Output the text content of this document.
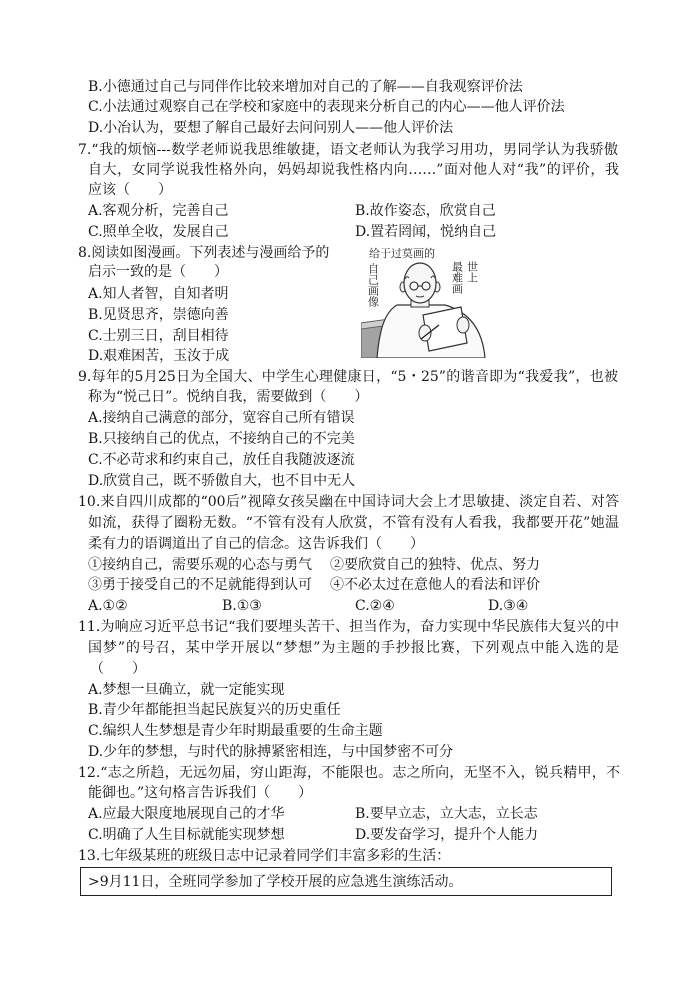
B.小德通过自己与同伴作比较来增加对自己的了解——自我观察评价法
C.小法通过观察自己在学校和家庭中的表现来分析自己的内心——他人评价法
D.小冶认为，要想了解自己最好去问问别人——他人评价法
7.“我的烦恼---数学老师说我思维敏捷，语文老师认为我学习用功，男同学认为我骄傲
自大，女同学说我性格外向，妈妈却说我性格内向……”面对他人对“我”的评价，我
应该（　　）
A.客观分析，完善自己	B.故作姿态，欣赏自己
C.照单全收，发展自己	D.置若罔闻，悦纳自己
8.阅读如图漫画。下列表述与漫画给予的
启示一致的是（　　）
A.知人者智，自知者明
B.见贤思齐，崇德向善
C.士别三日，刮目相待
D.艰难困苦，玉汝于成
给于过莫画的
自己画像	最难画 世上
9.每年的5月25日为全国大、中学生心理健康日，“5・25”的谐音即为“我爱我”，也被
称为“悦己日”。悦纳自我，需要做到（　　）
A.接纳自己满意的部分，宽容自己所有错误
B.只接纳自己的优点，不接纳自己的不完美
C.不必苛求和约束自己，放任自我随波逐流
D.欣赏自己，既不骄傲自大，也不目中无人
10.来自四川成都的“00后”视障女孩吴幽在中国诗词大会上才思敏捷、淡定自若、对答
如流，获得了圈粉无数。“不管有没有人欣赏，不管有没有人看我，我都要开花”她温
柔有力的语调道出了自己的信念。这告诉我们（　　）
①接纳自己，需要乐观的心态与勇气 ②要欣赏自己的独特、优点、努力
③勇于接受自己的不足就能得到认可 ④不必太过在意他人的看法和评价
A.①②	B.①③	C.②④	D.③④
11.为响应习近平总书记“我们要埋头苦干、担当作为，奋力实现中华民族伟大复兴的中
国梦”的号召，某中学开展以“梦想”为主题的手抄报比赛，下列观点中能入选的是
（　　）
A.梦想一旦确立，就一定能实现
B.青少年都能担当起民族复兴的历史重任
C.编织人生梦想是青少年时期最重要的生命主题
D.少年的梦想，与时代的脉搏紧密相连，与中国梦密不可分
12.“志之所趋，无远勿届，穷山距海，不能限也。志之所向，无坚不入，锐兵精甲，不
能御也。”这句格言告诉我们（　　）
A.应最大限度地展现自己的才华	B.要早立志，立大志，立长志
C.明确了人生目标就能实现梦想	D.要发奋学习，提升个人能力
13.七年级某班的班级日志中记录着同学们丰富多彩的生活：
>9月11日，全班同学参加了学校开展的应急逃生演练活动。
